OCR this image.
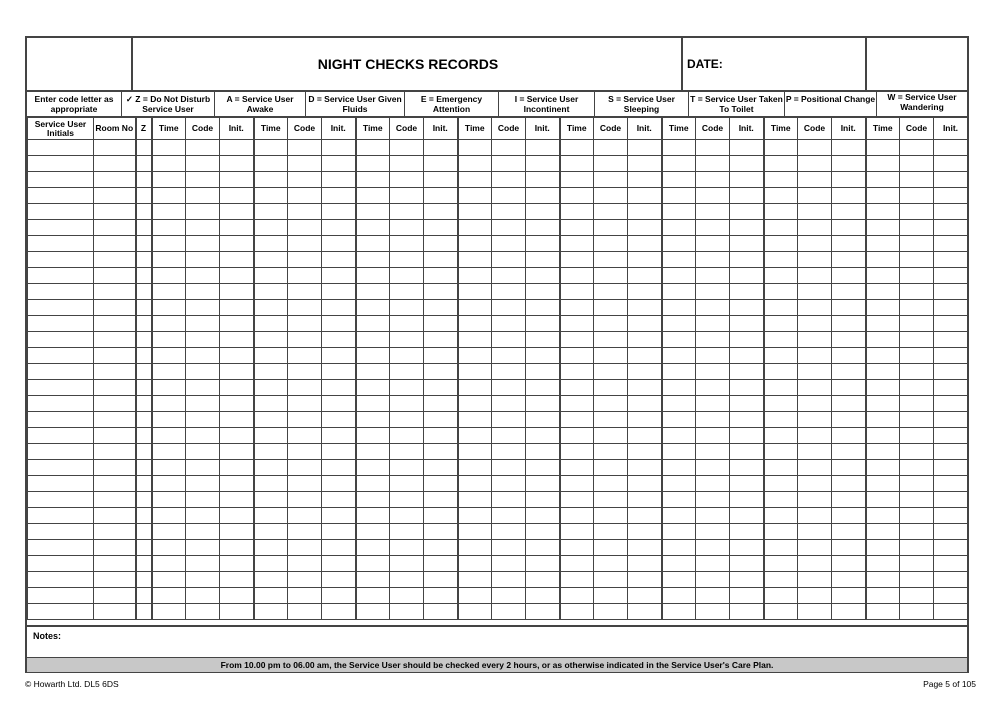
NIGHT CHECKS RECORDS	DATE:
Enter code letter as appropriate
✓ Z = Do Not Disturb Service User
A = Service User Awake
D = Service User Given Fluids
E = Emergency Attention
I = Service User Incontinent
S = Service User Sleeping
T = Service User Taken To Toilet
P = Positional Change	W = Service User Wandering
Service User Initials	Room No	Z	Time	Code	Init.	Time	Code	Init.	Time	Code	Init.	Time	Code	Init.	Time	Code	Init.	Time	Code	Init.	Time	Code	Init.	Time	Code	Init.

Notes:
From 10.00 pm to 06.00 am, the Service User should be checked every 2 hours, or as otherwise indicated in the Service User's Care Plan.
© Howarth Ltd. DL5 6DS	Page 5 of 105
